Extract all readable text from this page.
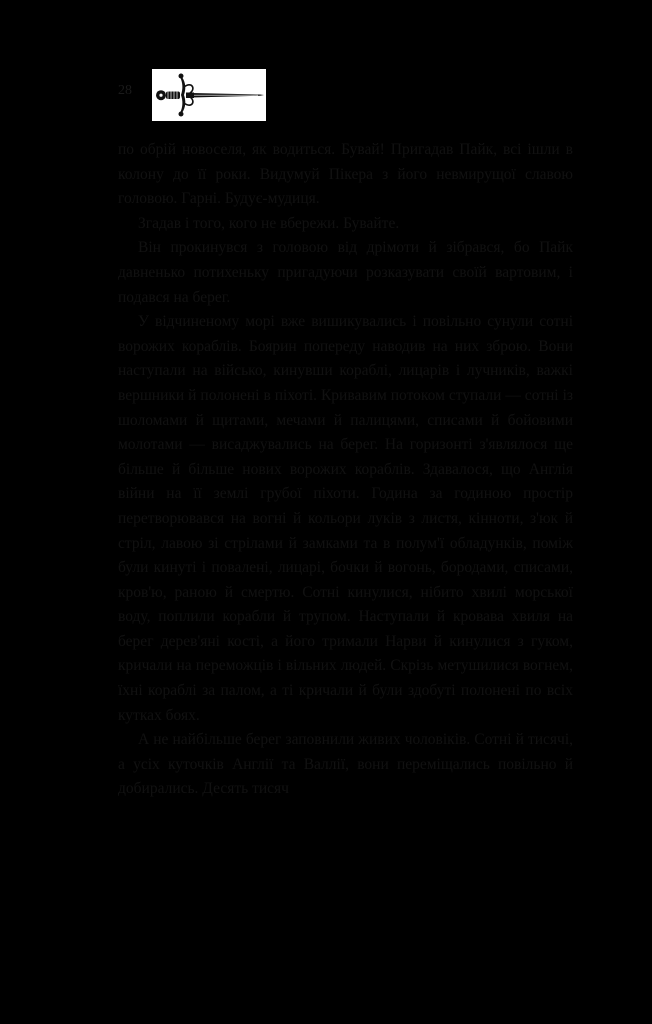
28

по обрій новоселя, як водиться. Бувай! Пригадав Пайк, всі ішли в колону до її роки. Видумуй Пікера з його невмирущої славою головою. Гарні. Будує-мудиця.

Згадав і того, кого не вбережи. Бувайте.

Він прокинувся з головою від дрімоти й зібрався, бо Пайк давненько потихеньку пригадуючи розказувати своїй вартовим, і подався на берег.

У відчиненому морі вже вишикувались і повільно сунули сотні ворожих кораблів. Боярин попереду наводив на них зброю. Вони наступали на військо, кинувши кораблі, лицарів і лучників, важкі вершники й полонені в піхоті. Кривавим потоком ступали — сотні із шоломами й щитами, мечами й палицями, списами й бойовими молотами — висаджувались на берег. На горизонті з'являлося ще більше й більше нових ворожих кораблів. Здавалося, що Англія війни на її землі грубої піхоти. Година за годиною простір перетворювався на вогні й кольори луків з листя, кінноти, з'юк й стріл, лавою зі стрілами й замками та в полум'ї обладунків, поміж були кинуті і повалені, лицарі, бочки й вогонь, бородами, списами, кров'ю, раною й смертю. Сотні кинулися, нібито хвилі морської воду, поплили корабли й трупом. Наступали й кровава хвиля на берег дерев'яні кості, а його тримали Нарви й кинулися з гуком, кричали на переможців і вільних людей. Скрізь метушилися вогнем, їхні кораблі за палом, а ті кричали й були здобуті полонені по всіх кутках боях.

А не найбільше берег заповнили живих чоловіків. Сотні й тисячі, а усіх куточків Англії та Валлії, вони переміщались повільно й добирались. Десять тисяч
